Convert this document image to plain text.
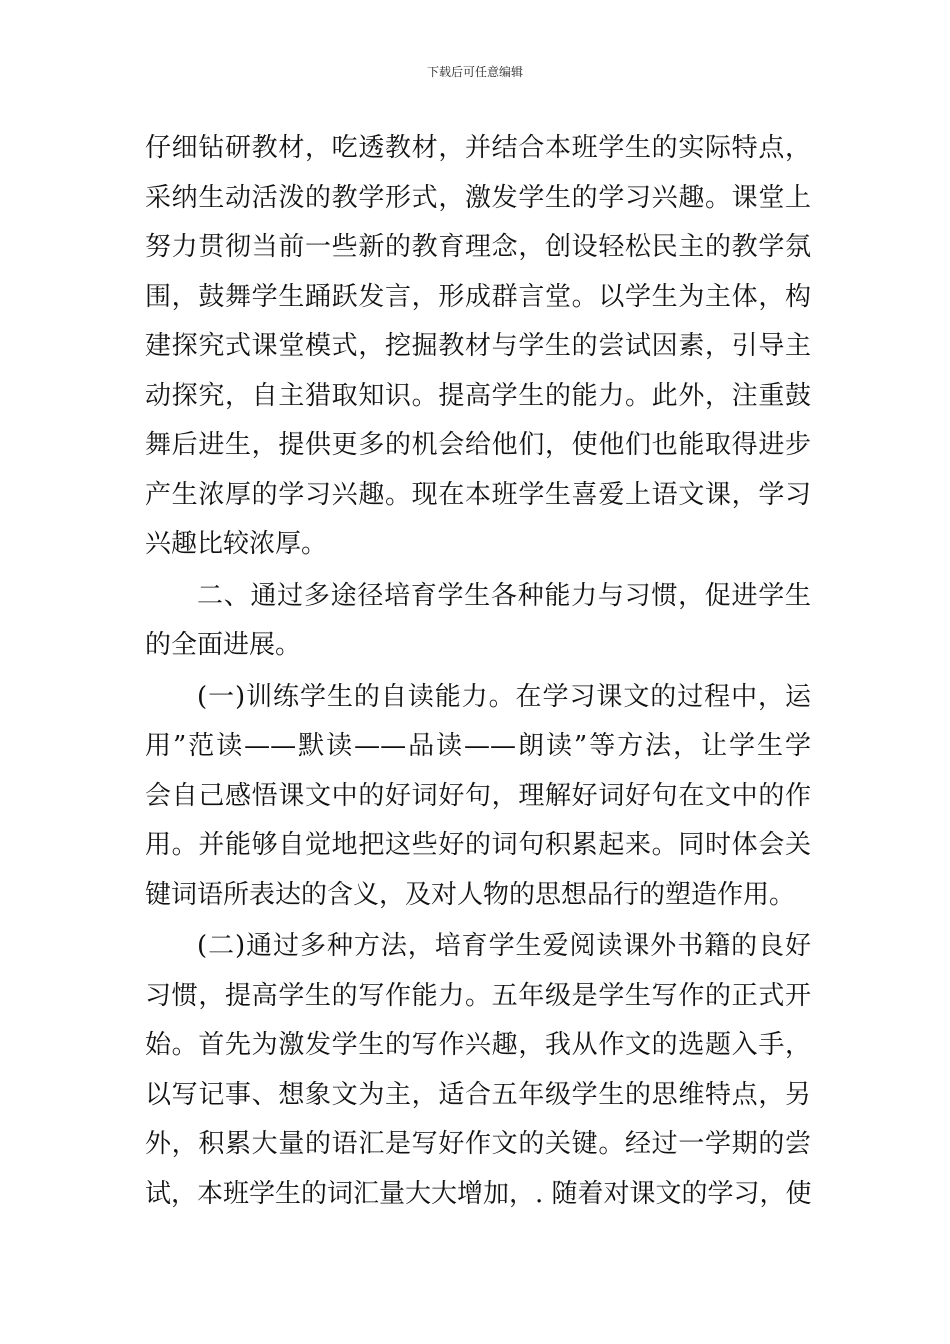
下载后可任意编辑
仔细钻研教材，吃透教材，并结合本班学生的实际特点，
采纳生动活泼的教学形式，激发学生的学习兴趣。课堂上
努力贯彻当前一些新的教育理念，创设轻松民主的教学氛
围，鼓舞学生踊跃发言，形成群言堂。以学生为主体，构
建探究式课堂模式，挖掘教材与学生的尝试因素，引导主
动探究，自主猎取知识。提高学生的能力。此外，注重鼓
舞后进生，提供更多的机会给他们，使他们也能取得进步
产生浓厚的学习兴趣。现在本班学生喜爱上语文课，学习
兴趣比较浓厚。
二、通过多途径培育学生各种能力与习惯，促进学生
的全面进展。
(一)训练学生的自读能力。在学习课文的过程中，运
用”范读——默读——品读——朗读”等方法，让学生学
会自己感悟课文中的好词好句，理解好词好句在文中的作
用。并能够自觉地把这些好的词句积累起来。同时体会关
键词语所表达的含义，及对人物的思想品行的塑造作用。
(二)通过多种方法，培育学生爱阅读课外书籍的良好
习惯，提高学生的写作能力。五年级是学生写作的正式开
始。首先为激发学生的写作兴趣，我从作文的选题入手，
以写记事、想象文为主，适合五年级学生的思维特点，另
外，积累大量的语汇是写好作文的关键。经过一学期的尝
试，本班学生的词汇量大大增加，. 随着对课文的学习，使
